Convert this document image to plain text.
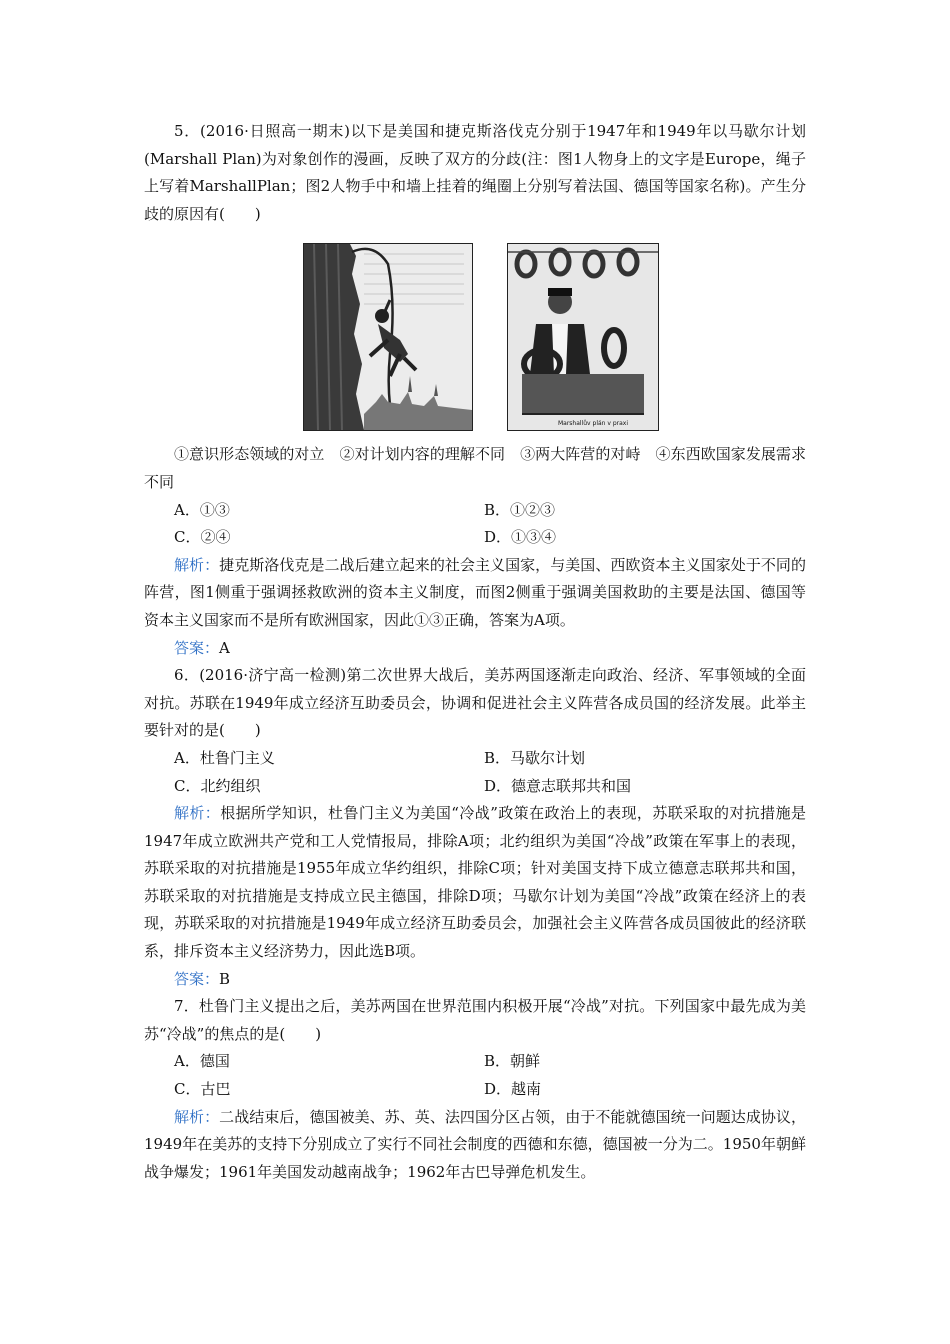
5．(2016·日照高一期末)以下是美国和捷克斯洛伐克分别于1947年和1949年以马歇尔计划(Marshall Plan)为对象创作的漫画，反映了双方的分歧(注：图1人物身上的文字是Europe，绳子上写着MarshallPlan；图2人物手中和墙上挂着的绳圈上分别写着法国、德国等国家名称)。产生分歧的原因有(　　)

Marshallův plán v praxi

①意识形态领域的对立　②对计划内容的理解不同　③两大阵营的对峙　④东西欧国家发展需求不同

A．①③	B．①②③
C．②④	D．①③④

解析：捷克斯洛伐克是二战后建立起来的社会主义国家，与美国、西欧资本主义国家处于不同的阵营，图1侧重于强调拯救欧洲的资本主义制度，而图2侧重于强调美国救助的主要是法国、德国等资本主义国家而不是所有欧洲国家，因此①③正确，答案为A项。

答案：A

6．(2016·济宁高一检测)第二次世界大战后，美苏两国逐渐走向政治、经济、军事领域的全面对抗。苏联在1949年成立经济互助委员会，协调和促进社会主义阵营各成员国的经济发展。此举主要针对的是(　　)

A．杜鲁门主义	B．马歇尔计划
C．北约组织	D．德意志联邦共和国

解析：根据所学知识，杜鲁门主义为美国“冷战”政策在政治上的表现，苏联采取的对抗措施是1947年成立欧洲共产党和工人党情报局，排除A项；北约组织为美国“冷战”政策在军事上的表现，苏联采取的对抗措施是1955年成立华约组织，排除C项；针对美国支持下成立德意志联邦共和国，苏联采取的对抗措施是支持成立民主德国，排除D项；马歇尔计划为美国“冷战”政策在经济上的表现，苏联采取的对抗措施是1949年成立经济互助委员会，加强社会主义阵营各成员国彼此的经济联系，排斥资本主义经济势力，因此选B项。

答案：B

7．杜鲁门主义提出之后，美苏两国在世界范围内积极开展“冷战”对抗。下列国家中最先成为美苏“冷战”的焦点的是(　　)

A．德国	B．朝鲜
C．古巴	D．越南

解析：二战结束后，德国被美、苏、英、法四国分区占领，由于不能就德国统一问题达成协议，1949年在美苏的支持下分别成立了实行不同社会制度的西德和东德，德国被一分为二。1950年朝鲜战争爆发；1961年美国发动越南战争；1962年古巴导弹危机发生。
